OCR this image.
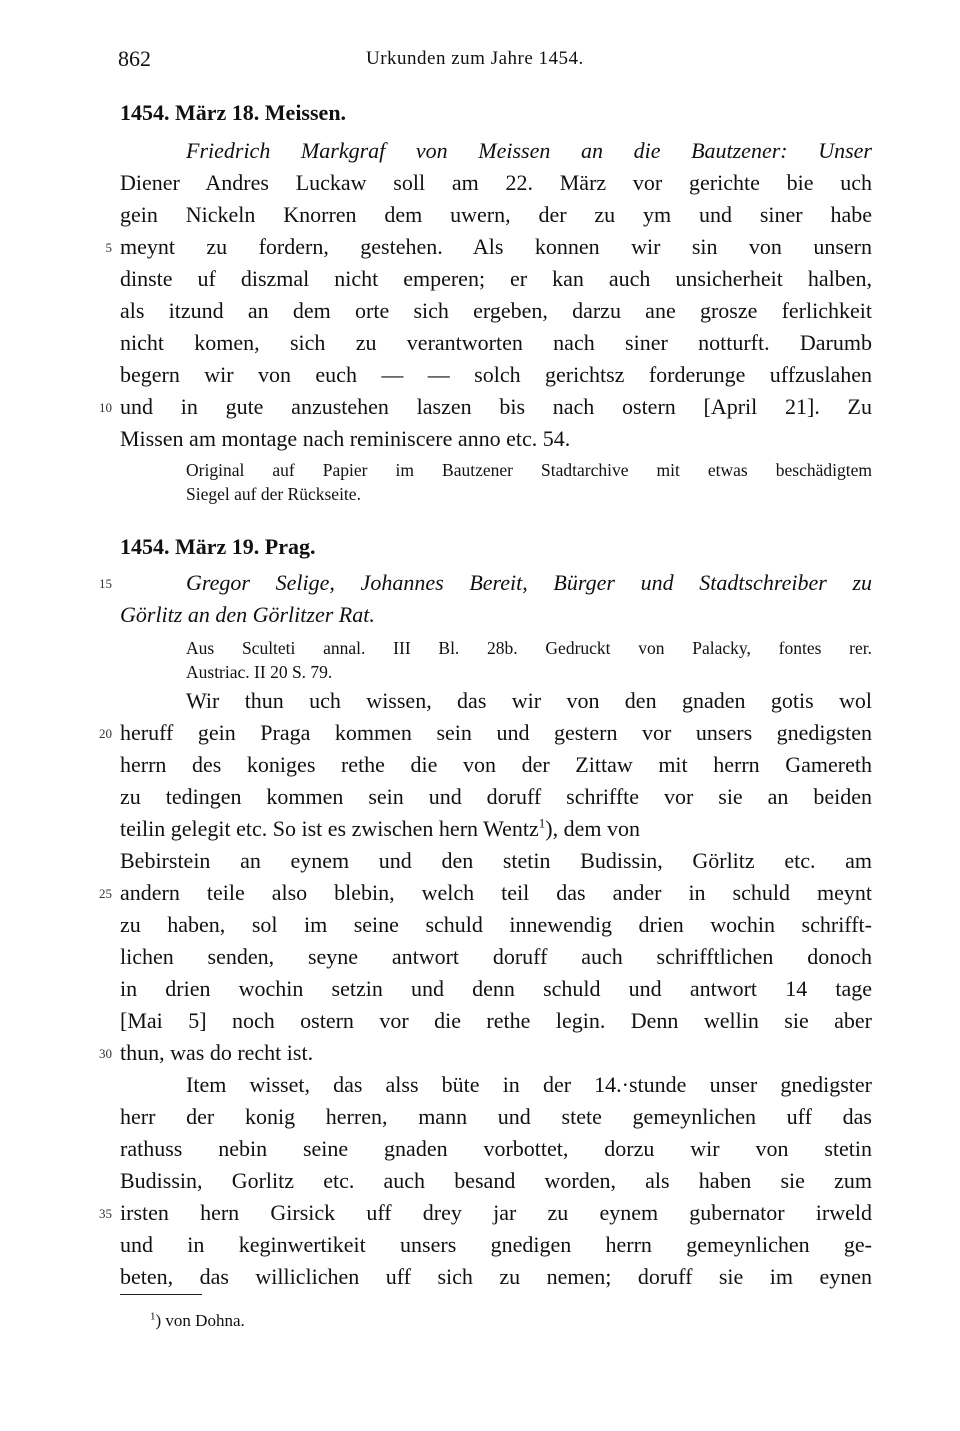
862	Urkunden zum Jahre 1454.
1454. März 18. Meissen.
Friedrich Markgraf von Meissen an die Bautzener: Unser
Diener Andres Luckaw soll am 22. März vor gerichte bie uch
gein Nickeln Knorren dem uwern, der zu ym und siner habe
meynt zu fordern, gestehen. Als konnen wir sin von unsern
dinste uf diszmal nicht emperen; er kan auch unsicherheit halben,
als itzund an dem orte sich ergeben, darzu ane grosze ferlichkeit
nicht komen, sich zu verantworten nach siner notturft. Darumb
begern wir von euch — — solch gerichtsz forderunge uffzuslahen
und in gute anzustehen laszen bis nach ostern [April 21]. Zu
Missen am montage nach reminiscere anno etc. 54.
Original auf Papier im Bautzener Stadtarchive mit etwas beschädigtem
Siegel auf der Rückseite.
1454. März 19. Prag.
Gregor Selige, Johannes Bereit, Bürger und Stadtschreiber zu
Görlitz an den Görlitzer Rat.
Aus Sculteti annal. III Bl. 28b. Gedruckt von Palacky, fontes rer.
Austriac. II 20 S. 79.
Wir thun uch wissen, das wir von den gnaden gotis wol
heruff gein Praga kommen sein und gestern vor unsers gnedigsten
herrn des koniges rethe die von der Zittaw mit herrn Gamereth
zu tedingen kommen sein und doruff schriffte vor sie an beiden
teilin gelegit etc. So ist es zwischen hern Wentz$^1$), dem von
Bebirstein an eynem und den stetin Budissin, Görlitz etc. am
andern teile also blebin, welch teil das ander in schuld meynt
zu haben, sol im seine schuld innewendig drien wochin schrifft-
lichen senden, seyne antwort doruff auch schrifftlichen donoch
in drien wochin setzin und denn schuld und antwort 14 tage
[Mai 5] noch ostern vor die rethe legin. Denn wellin sie aber
thun, was do recht ist.
Item wisset, das alss büte in der 14.·stunde unser gnedigster
herr der konig herren, mann und stete gemeynlichen uff das
rathuss nebin seine gnaden vorbottet, dorzu wir von stetin
Budissin, Gorlitz etc. auch besand worden, als haben sie zum
irsten hern Girsick uff drey jar zu eynem gubernator irweld
und in keginwertikeit unsers gnedigen herrn gemeynlichen ge-
beten, das williclichen uff sich zu nemen; doruff sie im eynen
5
10
15
20
25
30
35
$^1$) von Dohna.
